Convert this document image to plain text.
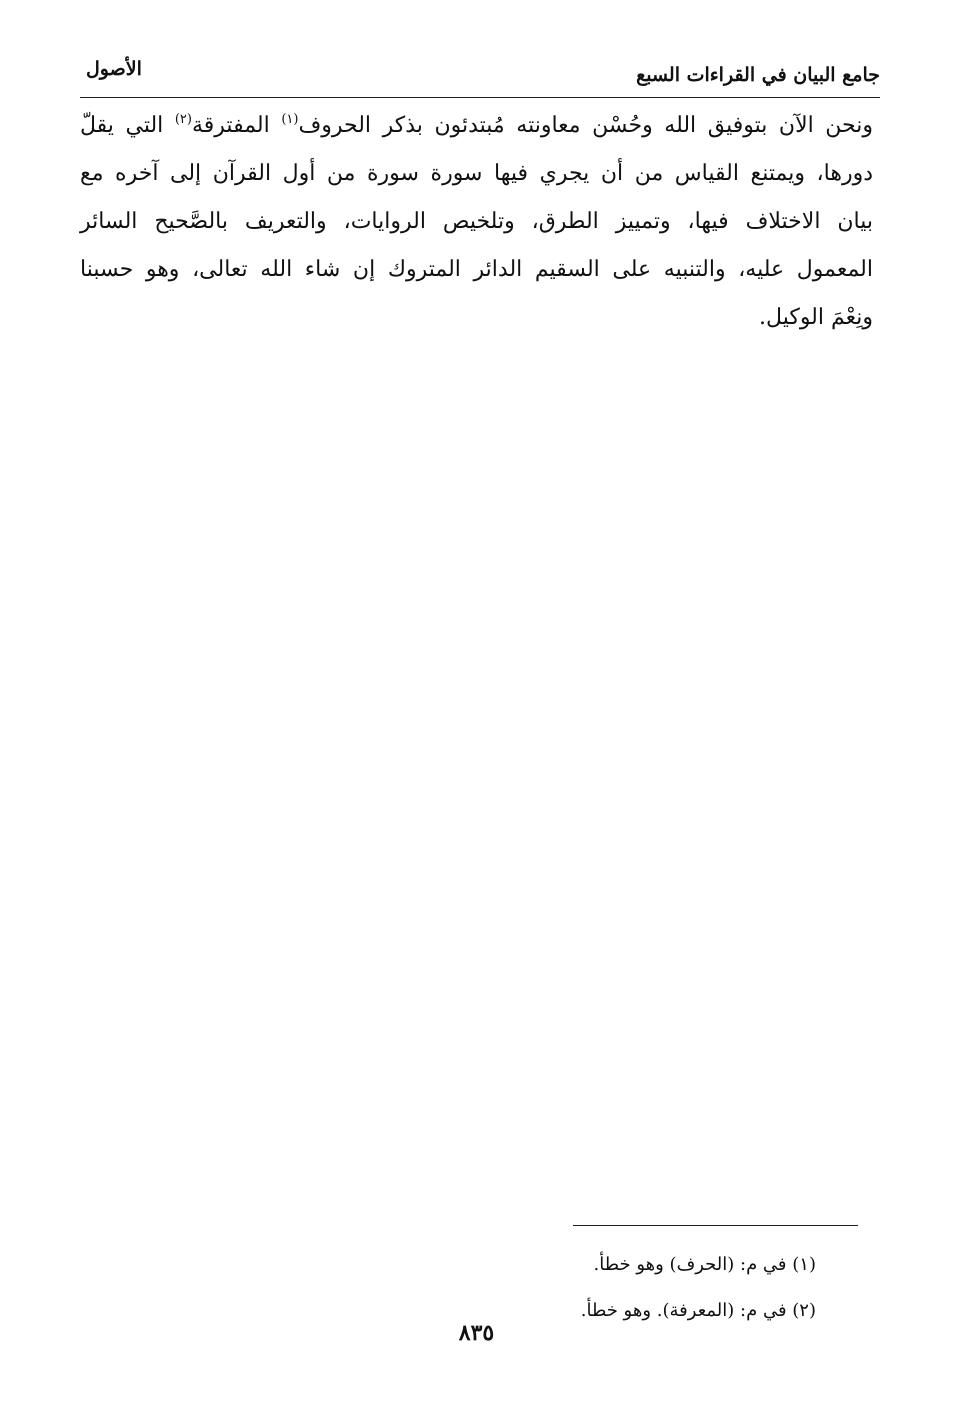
جامع البيان في القراءات السبع
الأصول

ونحن الآن بتوفيق الله وحُسْن معاونته مُبتدئون بذكر الحروف$^{(١)}$ المفترقة$^{(٢)}$ التي يقلّ
دورها، ويمتنع القياس من أن يجري فيها سورة سورة من أول القرآن إلى آخره مع
بيان الاختلاف فيها، وتمييز الطرق، وتلخيص الروايات، والتعريف بالصَّحيح السائر
المعمول عليه، والتنبيه على السقيم الدائر المتروك إن شاء الله تعالى، وهو حسبنا
ونِعْمَ الوكيل.

(١) في م: (الحرف) وهو خطأ.
(٢) في م: (المعرفة). وهو خطأ.
٨٣٥
